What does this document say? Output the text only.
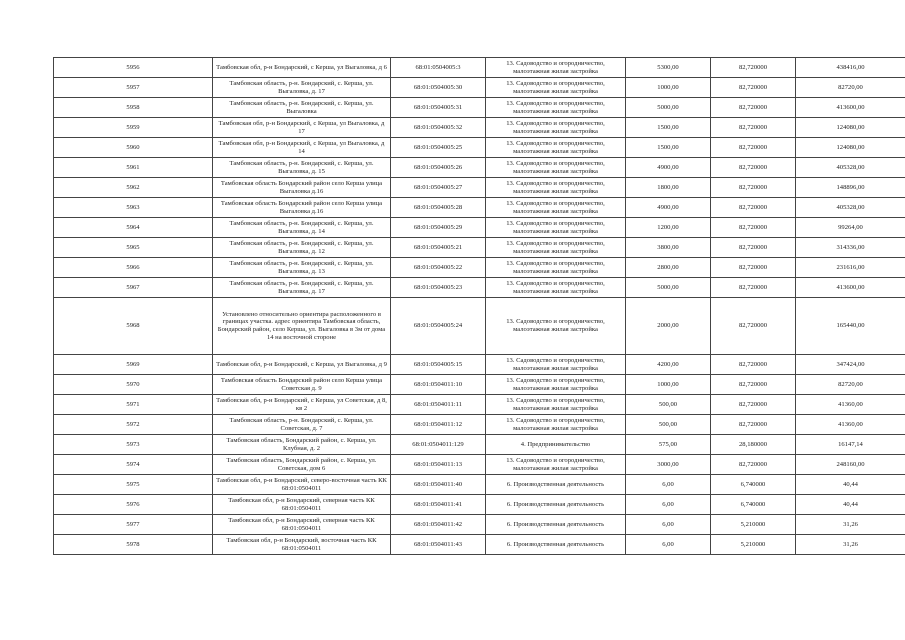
5956	Тамбовская обл, р-н Бондарский, с Керша, ул Выгаловка, д 6	68:01:0504005:3	13. Садоводство и огородничество, малоэтажная жилая застройка	5300,00	82,720000	438416,00
5957	Тамбовская область, р-н. Бондарский, с. Керша, ул. Выгаловка, д. 17	68:01:0504005:30	13. Садоводство и огородничество, малоэтажная жилая застройка	1000,00	82,720000	82720,00
5958	Тамбовская область, р-н. Бондарский, с. Керша, ул. Выгаловка	68:01:0504005:31	13. Садоводство и огородничество, малоэтажная жилая застройка	5000,00	82,720000	413600,00
5959	Тамбовская обл, р-н Бондарский, с Керша, ул Выгаловка, д 17	68:01:0504005:32	13. Садоводство и огородничество, малоэтажная жилая застройка	1500,00	82,720000	124080,00
5960	Тамбовская обл, р-н Бондарский, с Керша, ул Выгаловка, д 14	68:01:0504005:25	13. Садоводство и огородничество, малоэтажная жилая застройка	1500,00	82,720000	124080,00
5961	Тамбовская область, р-н. Бондарский, с. Керша, ул. Выгаловка, д. 15	68:01:0504005:26	13. Садоводство и огородничество, малоэтажная жилая застройка	4900,00	82,720000	405328,00
5962	Тамбовская область Бондарский район село Керша улица Выгаловка д.16	68:01:0504005:27	13. Садоводство и огородничество, малоэтажная жилая застройка	1800,00	82,720000	148896,00
5963	Тамбовская область Бондарский район село Керша улица Выгаловка д.16	68:01:0504005:28	13. Садоводство и огородничество, малоэтажная жилая застройка	4900,00	82,720000	405328,00
5964	Тамбовская область, р-н. Бондарский, с. Керша, ул. Выгаловка, д. 14	68:01:0504005:29	13. Садоводство и огородничество, малоэтажная жилая застройка	1200,00	82,720000	99264,00
5965	Тамбовская область, р-н. Бондарский, с. Керша, ул. Выгаловка, д. 12	68:01:0504005:21	13. Садоводство и огородничество, малоэтажная жилая застройка	3800,00	82,720000	314336,00
5966	Тамбовская область, р-н. Бондарский, с. Керша, ул. Выгаловка, д. 13	68:01:0504005:22	13. Садоводство и огородничество, малоэтажная жилая застройка	2800,00	82,720000	231616,00
5967	Тамбовская область, р-н. Бондарский, с. Керша, ул. Выгаловка, д. 17	68:01:0504005:23	13. Садоводство и огородничество, малоэтажная жилая застройка	5000,00	82,720000	413600,00
5968	Установлено относительно ориентира расположенного в границах участка. адрес ориентира Тамбовская область, Бондарский район, село Керша, ул. Выгаловка в 3м от дома 14 на восточной стороне	68:01:0504005:24	13. Садоводство и огородничество, малоэтажная жилая застройка	2000,00	82,720000	165440,00
5969	Тамбовская обл, р-н Бондарский, с Керша, ул Выгаловка, д 9	68:01:0504005:15	13. Садоводство и огородничество, малоэтажная жилая застройка	4200,00	82,720000	347424,00
5970	Тамбовская область Бондарский район село Керша улица Советская д. 9	68:01:0504011:10	13. Садоводство и огородничество, малоэтажная жилая застройка	1000,00	82,720000	82720,00
5971	Тамбовская обл, р-н Бондарский, с Керша, ул Советская, д 8, кв 2	68:01:0504011:11	13. Садоводство и огородничество, малоэтажная жилая застройка	500,00	82,720000	41360,00
5972	Тамбовская область, р-н. Бондарский, с. Керша, ул. Советская, д. 7	68:01:0504011:12	13. Садоводство и огородничество, малоэтажная жилая застройка	500,00	82,720000	41360,00
5973	Тамбовская область, Бондарский район, с. Керша, ул. Клубная, д. 2	68:01:0504011:129	4. Предпринимательство	575,00	28,180000	16147,14
5974	Тамбовская область, Бондарский район, с. Керша, ул. Советская, дом 6	68:01:0504011:13	13. Садоводство и огородничество, малоэтажная жилая застройка	3000,00	82,720000	248160,00
5975	Тамбовская обл, р-н Бондарский, северо-восточная часть КК 68:01:0504011	68:01:0504011:40	6. Производственная деятельность	6,00	6,740000	40,44
5976	Тамбовская обл, р-н Бондарский, северная часть КК 68:01:0504011	68:01:0504011:41	6. Производственная деятельность	6,00	6,740000	40,44
5977	Тамбовская обл, р-н Бондарский, северная часть КК 68:01:0504011	68:01:0504011:42	6. Производственная деятельность	6,00	5,210000	31,26
5978	Тамбовская обл, р-н Бондарский, восточная часть КК 68:01:0504011	68:01:0504011:43	6. Производственная деятельность	6,00	5,210000	31,26
